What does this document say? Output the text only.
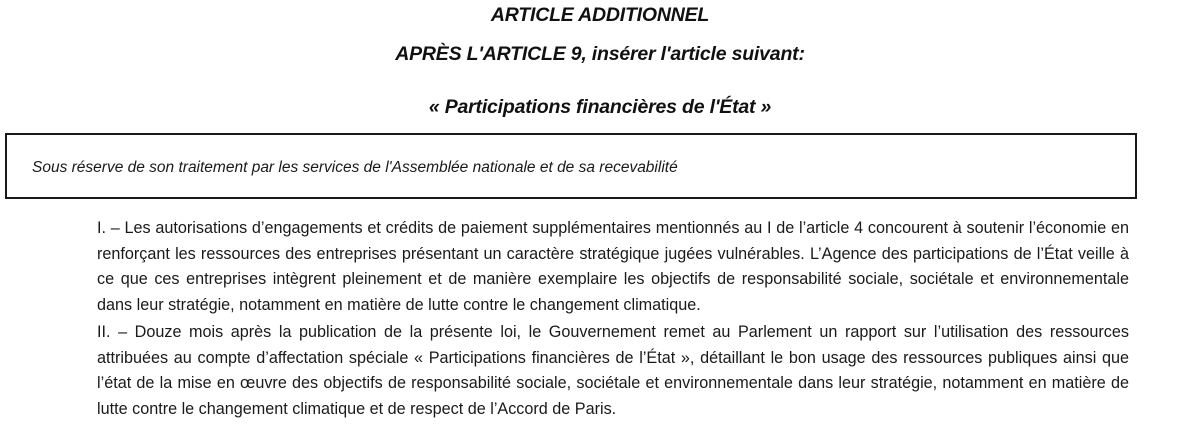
ARTICLE ADDITIONNEL
APRÈS L'ARTICLE 9, insérer l'article suivant:
« Participations financières de l'État »
Sous réserve de son traitement par les services de l'Assemblée nationale et de sa recevabilité

I. – Les autorisations d’engagements et crédits de paiement supplémentaires mentionnés au I de l’article 4 concourent à soutenir l’économie en renforçant les ressources des entreprises présentant un caractère stratégique jugées vulnérables. L’Agence des participations de l’État veille à ce que ces entreprises intègrent pleinement et de manière exemplaire les objectifs de responsabilité sociale, sociétale et environnementale dans leur stratégie, notamment en matière de lutte contre le changement climatique.

II. – Douze mois après la publication de la présente loi, le Gouvernement remet au Parlement un rapport sur l’utilisation des ressources attribuées au compte d’affectation spéciale « Participations financières de l’État », détaillant le bon usage des ressources publiques ainsi que l’état de la mise en œuvre des objectifs de responsabilité sociale, sociétale et environnementale dans leur stratégie, notamment en matière de lutte contre le changement climatique et de respect de l’Accord de Paris.
